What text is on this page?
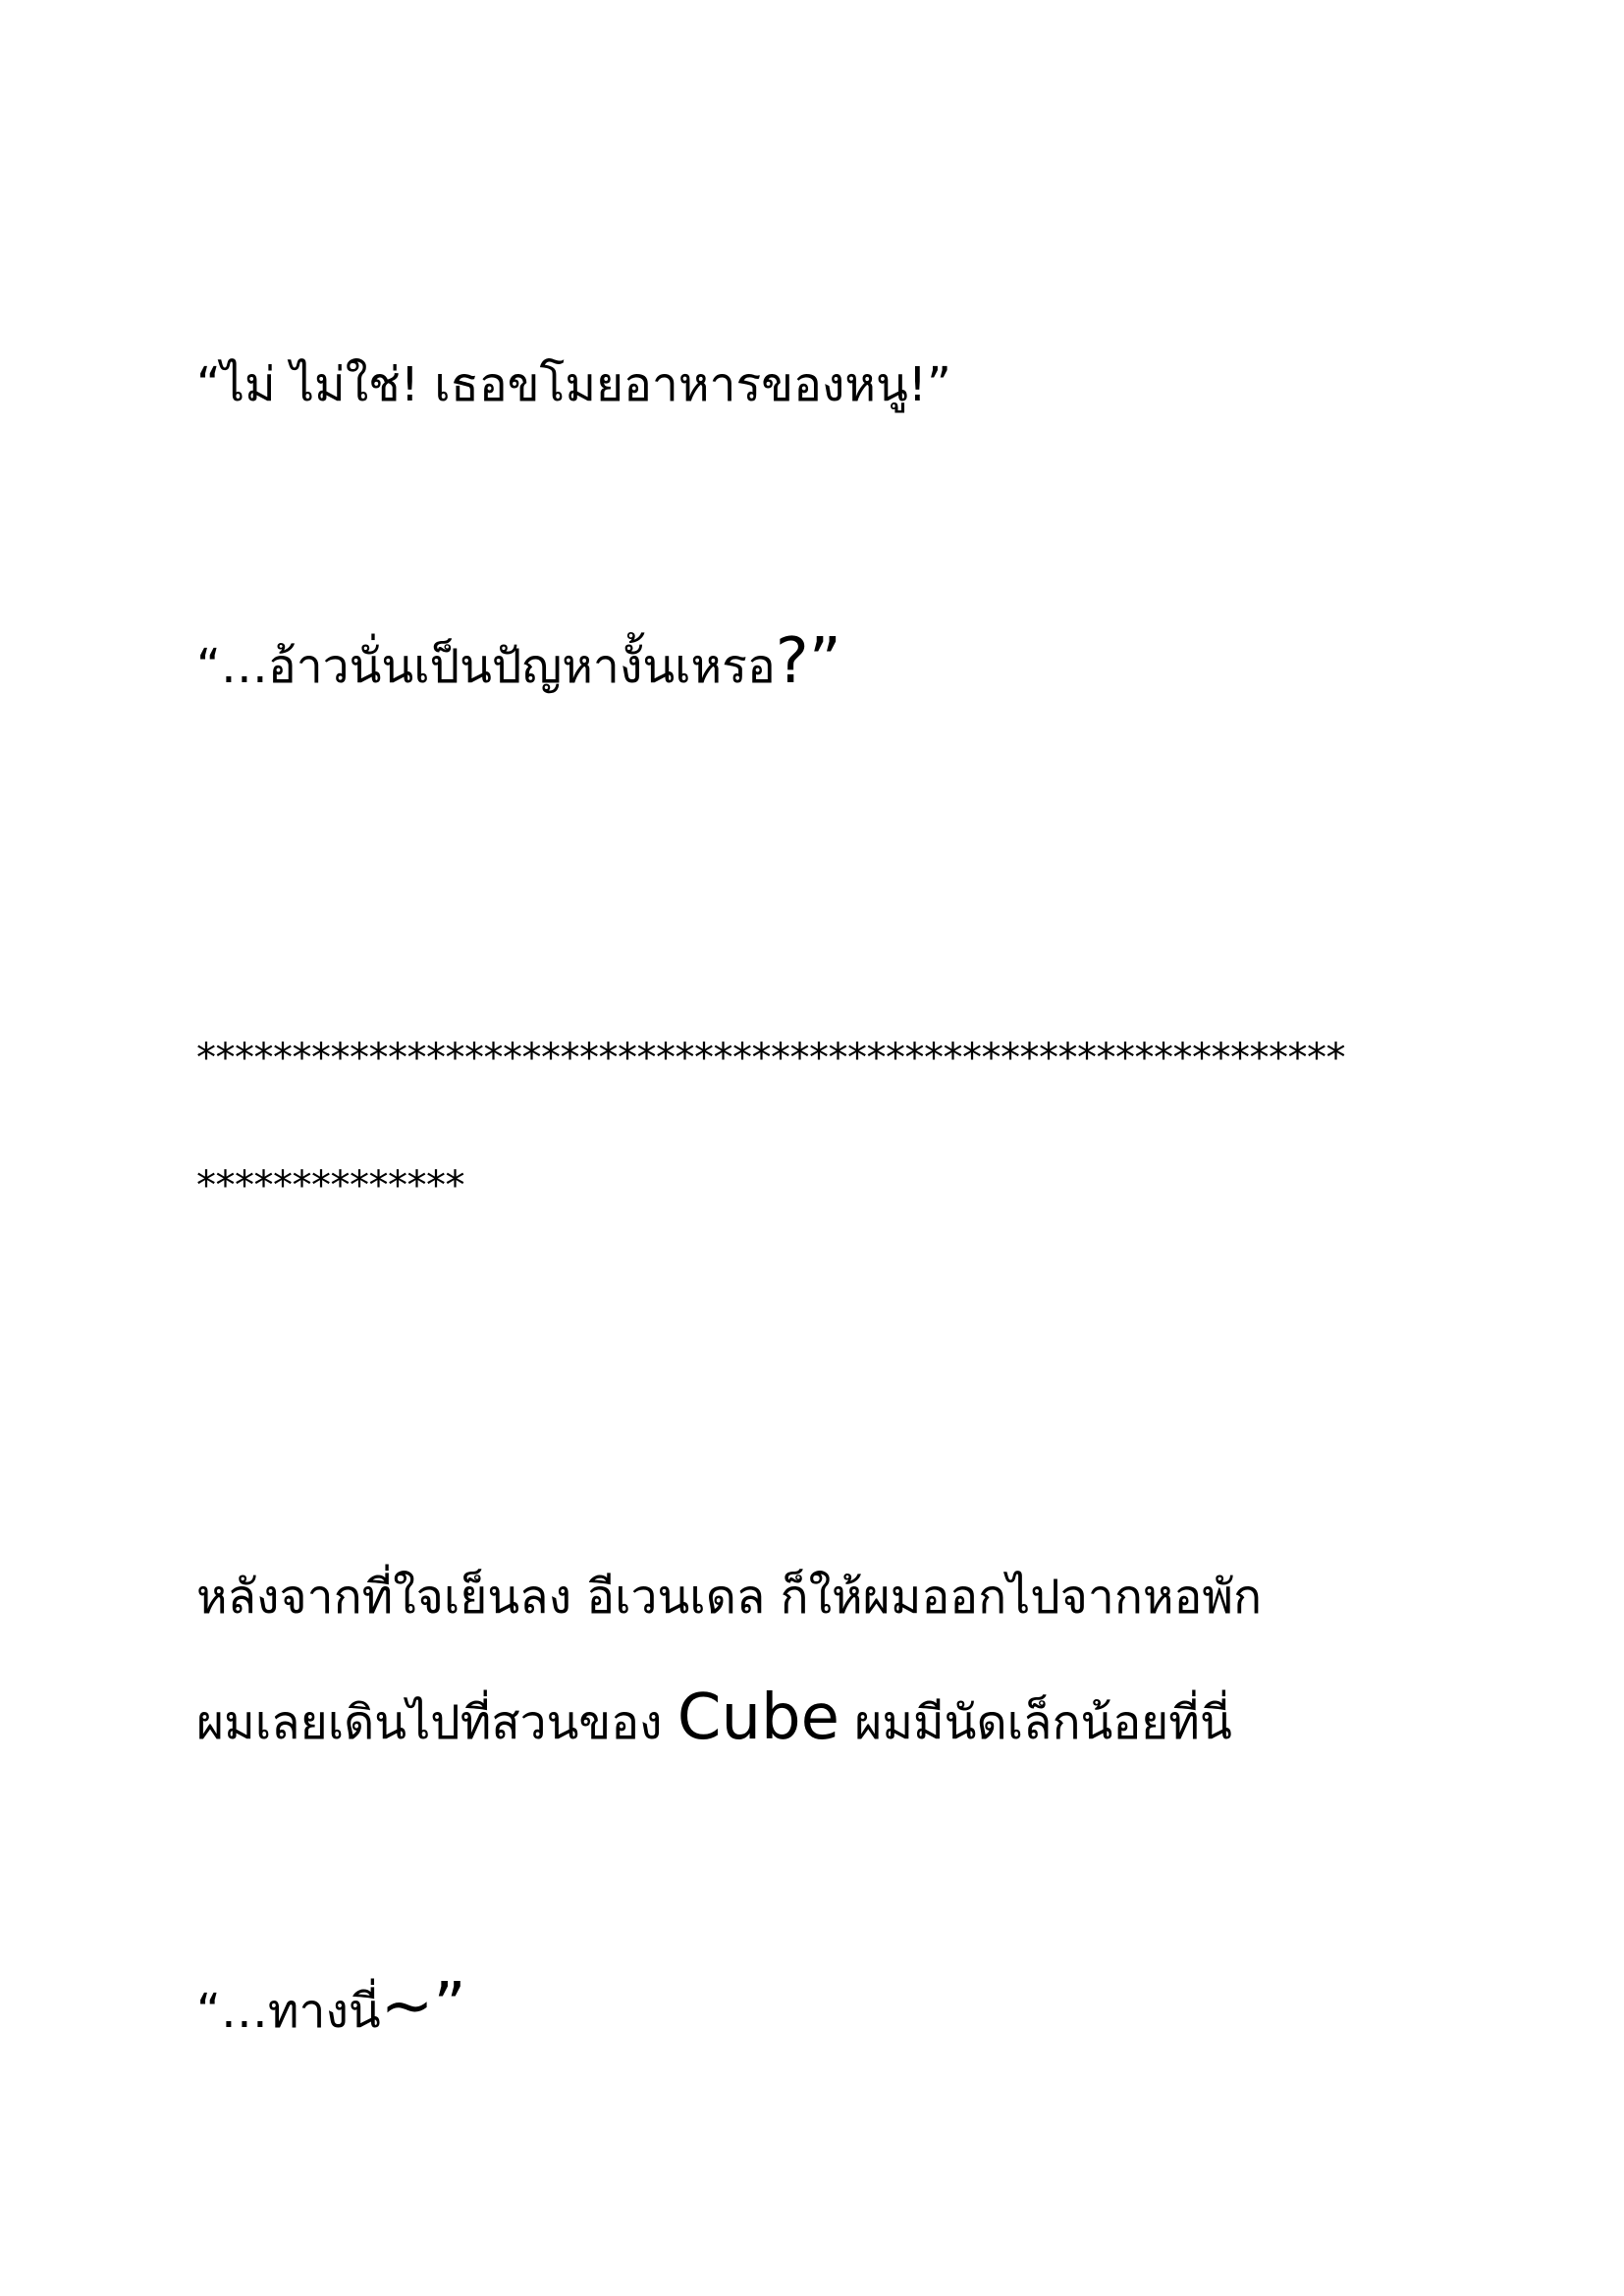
“ไม่ ไม่ใช่! เธอขโมยอาหารของหนู!”
“…อ้าวนั่นเป็นปัญหางั้นเหรอ?”
************************************************************
**************
หลังจากที่ใจเย็นลง อีเวนเดล ก็ให้ผมออกไปจากหอพัก
ผมเลยเดินไปที่สวนของ Cube ผมมีนัดเล็กน้อยที่นี่
“…ทางนี่~”
